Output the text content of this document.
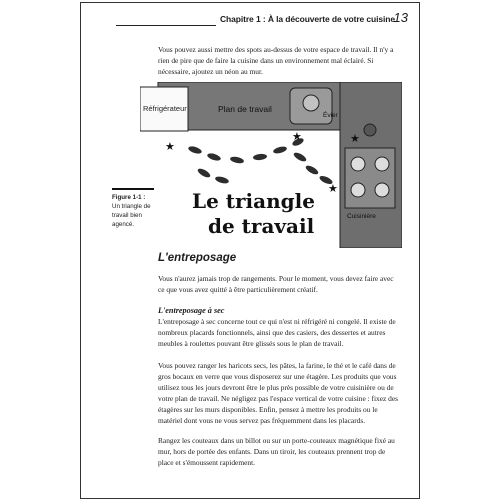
Chapitre 1 : À la découverte de votre cuisine
13

Vous pouvez aussi mettre des spots au-dessus de votre espace de travail. Il n'y a rien de pire que de faire la cuisine dans un environnement mal éclairé. Si nécessaire, ajoutez un néon au mur.

Réfrigérateur	Plan de travail
Évier
Cuisinière
★
★
★
★
Le triangle
de travail
Figure 1-1 :
Un triangle de travail bien agencé.
L'entreposage

Vous n'aurez jamais trop de rangements. Pour le moment, vous devez faire avec ce que vous avez quitté à être particulièrement créatif.

L'entreposage à sec

L'entreposage à sec concerne tout ce qui n'est ni réfrigéré ni congelé. Il existe de nombreux placards fonctionnels, ainsi que des casiers, des dessertes et autres meubles à roulettes pouvant être glissés sous le plan de travail.

Vous pouvez ranger les haricots secs, les pâtes, la farine, le thé et le café dans de gros bocaux en verre que vous disposerez sur une étagère. Les produits que vous utilisez tous les jours devront être le plus près possible de votre cuisinière ou de votre plan de travail. Ne négligez pas l'espace vertical de votre cuisine : fixez des étagères sur les murs disponibles. Enfin, pensez à mettre les produits ou le matériel dont vous ne vous servez pas fréquemment dans les placards.

Rangez les couteaux dans un billot ou sur un porte-couteaux magnétique fixé au mur, hors de portée des enfants. Dans un tiroir, les couteaux prennent trop de place et s'émoussent rapidement.
